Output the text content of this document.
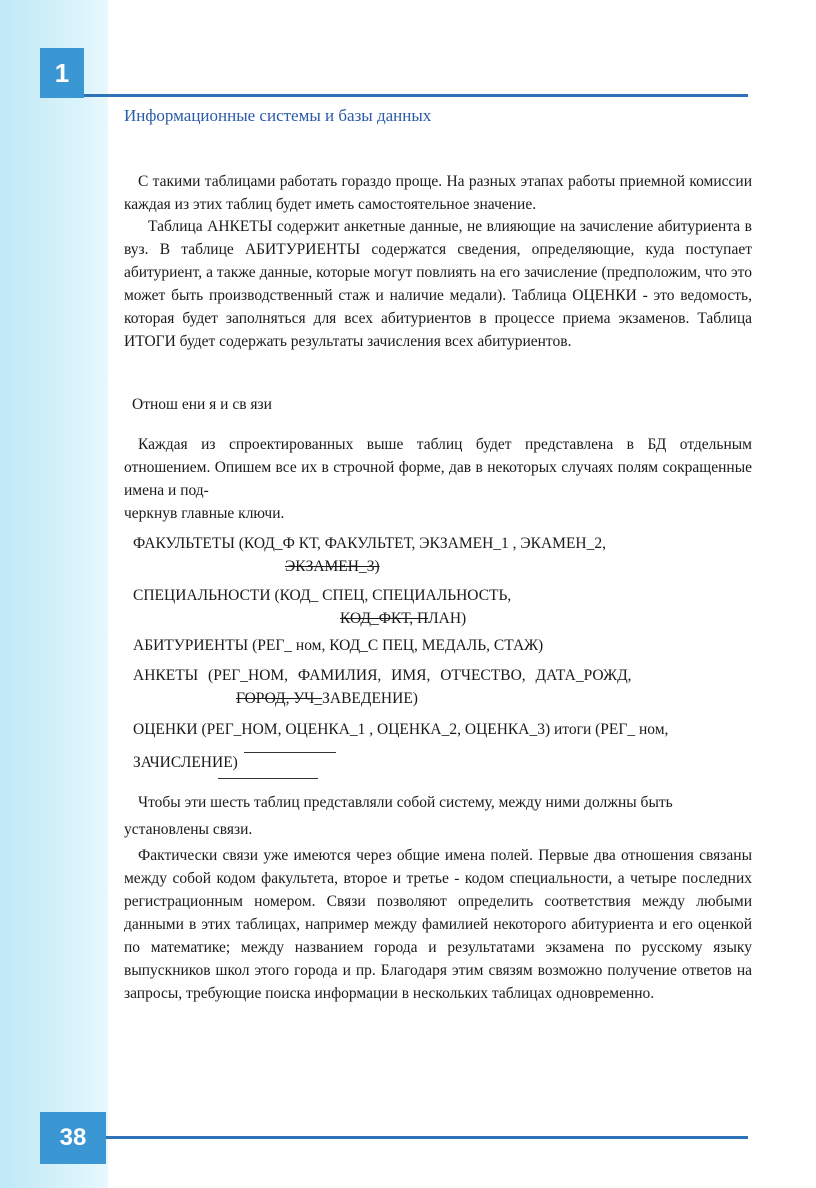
1
Информационные системы и базы данных

С такими таблицами работать гораздо проще. На разных этапах работы приемной комиссии каждая из этих таблиц будет иметь самостоятельное значение.

Таблица АНКЕТЫ содержит анкетные данные, не влияющие на зачисление абитуриента в вуз. В таблице АБИТУРИЕНТЫ содержатся сведения, определяющие, куда поступает абитуриент, а также данные, которые могут повлиять на его зачисление (предположим, что это может быть производственный стаж и наличие медали). Таблица ОЦЕНКИ - это ведомость, которая будет заполняться для всех абитуриентов в процессе приема экзаменов. Таблица ИТОГИ будет содержать результаты зачисления всех абитуриентов.

Отнош ени я и св язи

Каждая из спроектированных выше таблиц будет представлена в БД отдельным отношением. Опишем все их в строчной форме, дав в некоторых случаях полям сокращенные имена и под-

черкнув главные ключи.

ФАКУЛЬТЕТЫ (КОД_Ф КТ, ФАКУЛЬТЕТ, ЭКЗАМЕН_1 , ЭКАМЕН_2,
ЭКЗАМЕН_3)
СПЕЦИАЛЬНОСТИ (КОД_ СПЕЦ, СПЕЦИАЛЬНОСТЬ,
КОД_ФКТ, ПЛАН)
АБИТУРИЕНТЫ (РЕГ_ ном, КОД_С ПЕЦ, МЕДАЛЬ, СТАЖ)
АНКЕТЫ (РЕГ_НОМ, ФАМИЛИЯ, ИМЯ, ОТЧЕСТВО, ДАТА_РОЖД,
ГОРОД, УЧ_ЗАВЕДЕНИЕ)
ОЦЕНКИ (РЕГ_НОМ, ОЦЕНКА_1 , ОЦЕНКА_2, ОЦЕНКА_3) итоги (РЕГ_ ном,
ЗАЧИСЛЕНИЕ)

Чтобы эти шесть таблиц представляли собой систему, между ними должны быть

установлены связи.

Фактически связи уже имеются через общие имена полей. Первые два отношения связаны между собой кодом факультета, второе и третье - кодом специальности, а четыре последних регистрационным номером. Связи позволяют определить соответствия между любыми данными в этих таблицах, например между фамилией некоторого абитуриента и его оценкой по математике; между названием города и результатами экзамена по русскому языку выпускников школ этого города и пр. Благодаря этим связям возможно получение ответов на запросы, требующие поиска информации в нескольких таблицах одновременно.

38
